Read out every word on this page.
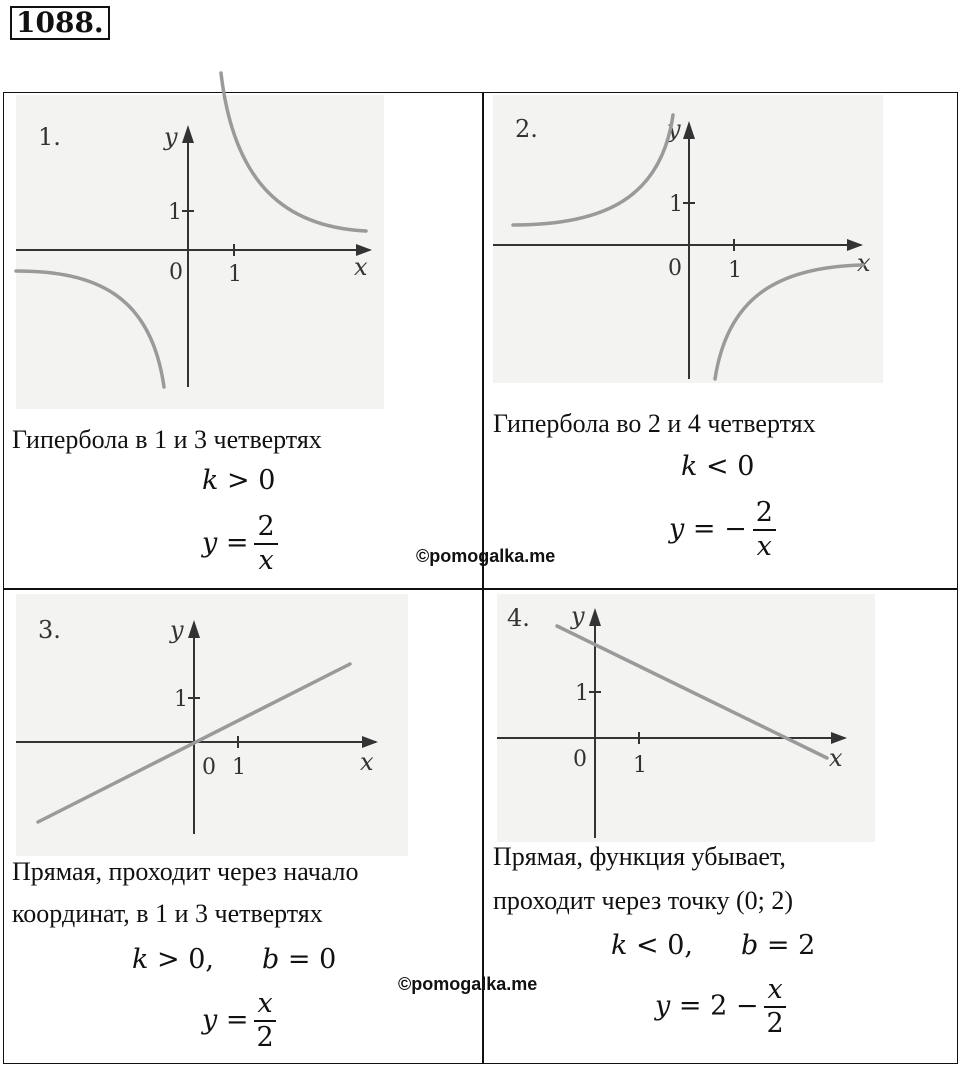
1088.
1.
x
y
0 1
1
Гипербола в 1 и 3 четвертях
k > 0
$y = \frac{2}{x}$
2.
x
y
0 1
1
Гипербола во 2 и 4 четвертях
k < 0
y = − $\frac{2}{x}$
3.
x
y
0 1
1
Прямая, проходит через начало
координат, в 1 и 3 четвертях
k > 0, b = 0
$y = \frac{x}{2}$
4.
x
y
0 1
1
Прямая, функция убывает,
проходит через точку (0; 2)
k < 0, b = 2
$y = 2 - \frac{x}{2}$
©pomogalka.me
©pomogalka.me
